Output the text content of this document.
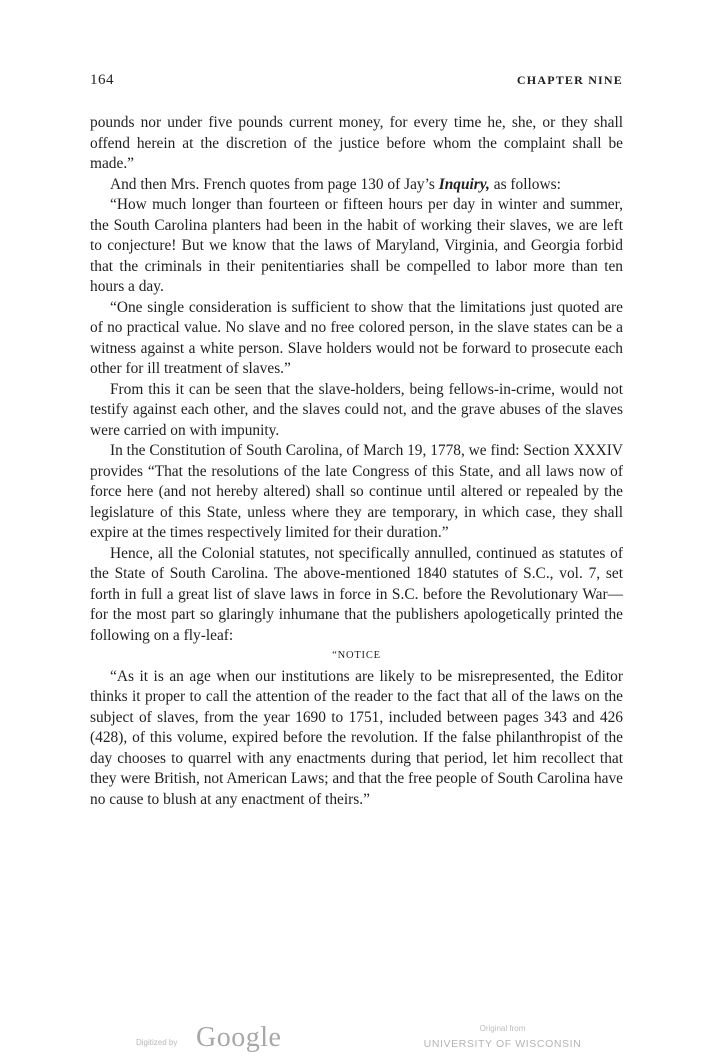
164	CHAPTER NINE

pounds nor under five pounds current money, for every time he, she, or they shall offend herein at the discretion of the justice before whom the complaint shall be made.”

And then Mrs. French quotes from page 130 of Jay’s Inquiry, as follows:

“How much longer than fourteen or fifteen hours per day in winter and summer, the South Carolina planters had been in the habit of working their slaves, we are left to conjecture! But we know that the laws of Maryland, Virginia, and Georgia forbid that the criminals in their penitentiaries shall be compelled to labor more than ten hours a day.

“One single consideration is sufficient to show that the limitations just quoted are of no practical value. No slave and no free colored person, in the slave states can be a witness against a white person. Slave holders would not be forward to prosecute each other for ill treatment of slaves.”

From this it can be seen that the slave-holders, being fellows-in-crime, would not testify against each other, and the slaves could not, and the grave abuses of the slaves were carried on with impunity.

In the Constitution of South Carolina, of March 19, 1778, we find: Section XXXIV provides “That the resolutions of the late Congress of this State, and all laws now of force here (and not hereby altered) shall so continue until altered or repealed by the legislature of this State, unless where they are temporary, in which case, they shall expire at the times respectively limited for their duration.”

Hence, all the Colonial statutes, not specifically annulled, continued as statutes of the State of South Carolina. The above-mentioned 1840 statutes of S.C., vol. 7, set forth in full a great list of slave laws in force in S.C. before the Revolutionary War—for the most part so glaringly inhumane that the publishers apologetically printed the following on a fly-leaf:

“NOTICE

“As it is an age when our institutions are likely to be misrepresented, the Editor thinks it proper to call the attention of the reader to the fact that all of the laws on the subject of slaves, from the year 1690 to 1751, included between pages 343 and 426 (428), of this volume, expired before the revolution. If the false philanthropist of the day chooses to quarrel with any enactments during that period, let him recollect that they were British, not American Laws; and that the free people of South Carolina have no cause to blush at any enactment of theirs.”

Digitized by Google	Original from
UNIVERSITY OF WISCONSIN
